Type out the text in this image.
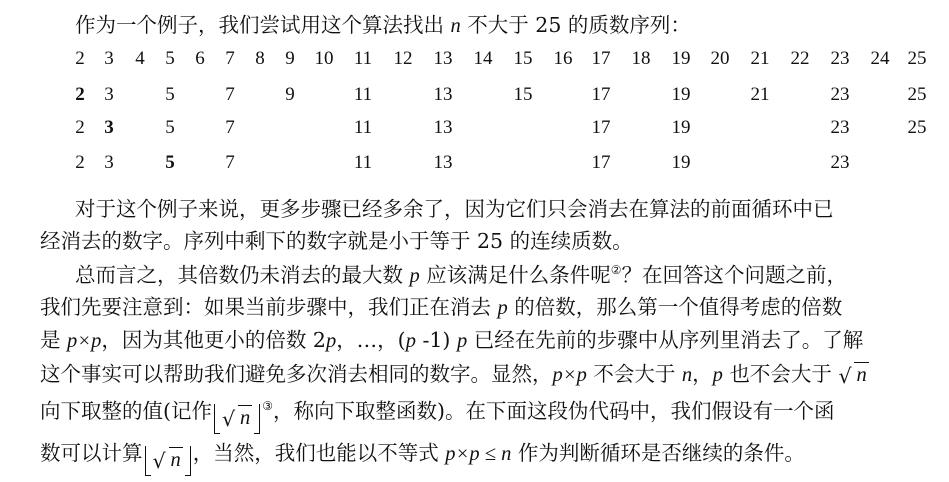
作为一个例子，我们尝试用这个算法找出 n 不大于 25 的质数序列：
2 3 4 5 6 7 8 9 10 11 12 13 14 15 16 17 18 19 20 21 22 23 24 25
2 3	5	7	9	11	13	15	17	19	21	23	25
2 3	5	7	11	13	17	19	23	25
2 3	5	7	11	13	17	19	23
对于这个例子来说，更多步骤已经多余了，因为它们只会消去在算法的前面循环中已
经消去的数字。序列中剩下的数字就是小于等于 25 的连续质数。
总而言之，其倍数仍未消去的最大数 p 应该满足什么条件呢②？在回答这个问题之前，
我们先要注意到：如果当前步骤中，我们正在消去 p 的倍数，那么第一个值得考虑的倍数
是 p×p，因为其他更小的倍数 2p，…，(p -1) p 已经在先前的步骤中从序列里消去了。了解
这个事实可以帮助我们避免多次消去相同的数字。显然，p×p 不会大于 n，p 也不会大于 √ n
向下取整的值(记作 √ n③，称向下取整函数)。在下面这段伪代码中，我们假设有一个函
数可以计算 √ n ，当然，我们也能以不等式 p×p ≤ n 作为判断循环是否继续的条件。
